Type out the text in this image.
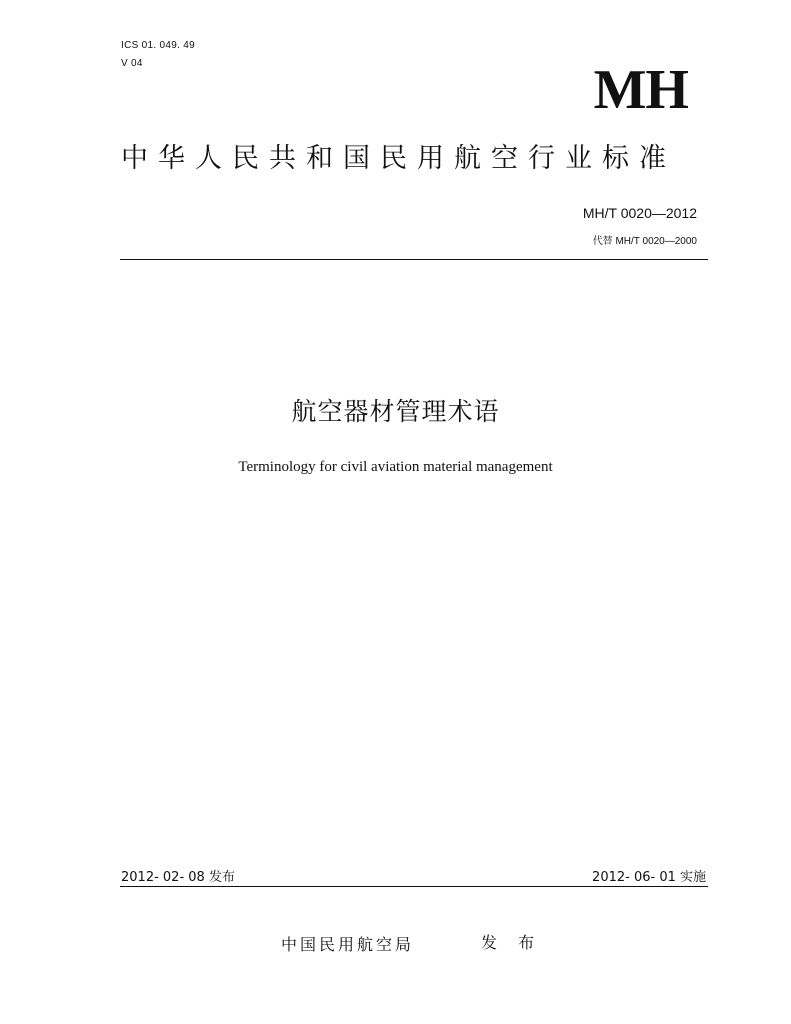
ICS 01. 049. 49
V 04	MH
中华人民共和国民用航空行业标准
MH/T 0020—2012
代替 MH/T 0020—2000
航空器材管理术语
Terminology for civil aviation material management
2012- 02- 08 发布	2012- 06- 01 实施
中国民用航空局	发 布
